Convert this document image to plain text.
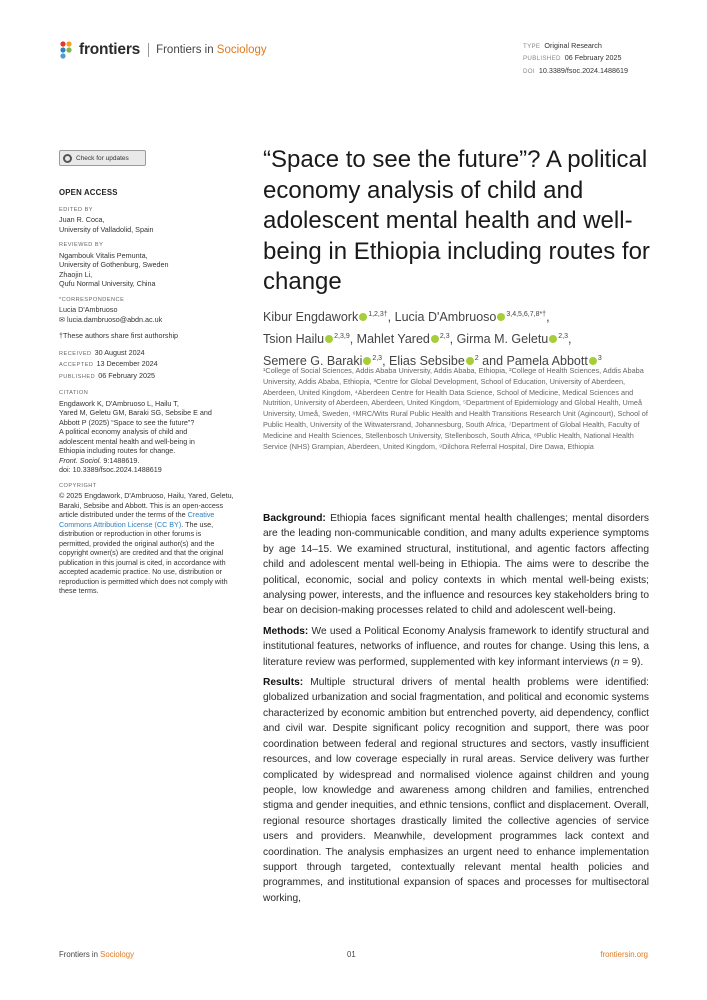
frontiers Frontiers in Sociology	TYPE Original Research
PUBLISHED 06 February 2025
DOI 10.3389/fsoc.2024.1488619
Check for updates
OPEN ACCESS
EDITED BY
Juan R. Coca,
University of Valladolid, Spain
REVIEWED BY
Ngambouk Vitalis Pemunta,
University of Gothenburg, Sweden
Zhaojin Li,
Qufu Normal University, China
*CORRESPONDENCE
Lucia D'Ambruoso
✉ lucia.dambruoso@abdn.ac.uk
†These authors share first authorship
RECEIVED 30 August 2024
ACCEPTED 13 December 2024
PUBLISHED 06 February 2025
CITATION
Engdawork K, D'Ambruoso L, Hailu T,
Yared M, Geletu GM, Baraki SG, Sebsibe E and
Abbott P (2025) “Space to see the future”?
A political economy analysis of child and
adolescent mental health and well-being in
Ethiopia including routes for change.
Front. Sociol. 9:1488619.
doi: 10.3389/fsoc.2024.1488619
COPYRIGHT
© 2025 Engdawork, D'Ambruoso, Hailu, Yared, Geletu, Baraki, Sebsibe and Abbott. This is an open-access article distributed under the terms of the Creative Commons Attribution License (CC BY). The use, distribution or reproduction in other forums is permitted, provided the original author(s) and the copyright owner(s) are credited and that the original publication in this journal is cited, in accordance with accepted academic practice. No use, distribution or reproduction is permitted which does not comply with these terms.
“Space to see the future”? A political economy analysis of child and adolescent mental health and well-being in Ethiopia including routes for change
Kibur Engdawork $^{1,2,3\dagger}$, Lucia D'Ambruoso $^{3,4,5,6,7,8*\dagger}$,
Tsion Hailu $^{2,3,9}$, Mahlet Yared $^{2,3}$, Girma M. Geletu $^{2,3}$,
Semere G. Baraki $^{2,3}$, Elias Sebsibe $^2$ and Pamela Abbott $^3$
¹College of Social Sciences, Addis Ababa University, Addis Ababa, Ethiopia, ²College of Health Sciences, Addis Ababa University, Addis Ababa, Ethiopia, ³Centre for Global Development, School of Education, University of Aberdeen, Aberdeen, United Kingdom, ⁴Aberdeen Centre for Health Data Science, School of Medicine, Medical Sciences and Nutrition, University of Aberdeen, Aberdeen, United Kingdom, ⁵Department of Epidemiology and Global Health, Umeå University, Umeå, Sweden, ⁶MRC/Wits Rural Public Health and Health Transitions Research Unit (Agincourt), School of Public Health, University of the Witwatersrand, Johannesburg, South Africa, ⁷Department of Global Health, Faculty of Medicine and Health Sciences, Stellenbosch University, Stellenbosch, South Africa, ⁸Public Health, National Health Service (NHS) Grampian, Aberdeen, United Kingdom, ⁹Dilchora Referral Hospital, Dire Dawa, Ethiopia

Background: Ethiopia faces significant mental health challenges; mental disorders are the leading non-communicable condition, and many adults experience symptoms by age 14–15. We examined structural, institutional, and agentic factors affecting child and adolescent mental well-being in Ethiopia. The aims were to describe the political, economic, social and policy contexts in which mental well-being exists; analysing power, interests, and the influence and resources key stakeholders bring to bear on decision-making processes related to child and adolescent well-being.

Methods: We used a Political Economy Analysis framework to identify structural and institutional features, networks of influence, and routes for change. Using this lens, a literature review was performed, supplemented with key informant interviews (n = 9).

Results: Multiple structural drivers of mental health problems were identified: globalized urbanization and social fragmentation, and political and economic systems characterized by economic ambition but entrenched poverty, aid dependency, conflict and civil war. Despite significant policy recognition and support, there was poor coordination between federal and regional structures and sectors, vastly insufficient resources, and low coverage especially in rural areas. Service delivery was further complicated by widespread and normalised violence against children and young people, low knowledge and awareness among children and families, entrenched stigma and gender inequities, and ethnic tensions, conflict and displacement. Overall, regional resource shortages drastically limited the collective agencies of service users and providers. Meanwhile, development programmes lack context and coordination. The analysis emphasizes an urgent need to enhance implementation support through targeted, contextually relevant mental health policies and programmes, and institutional expansion of spaces and processes for multisectoral working,

Frontiers in Sociology	01	frontiersin.org
